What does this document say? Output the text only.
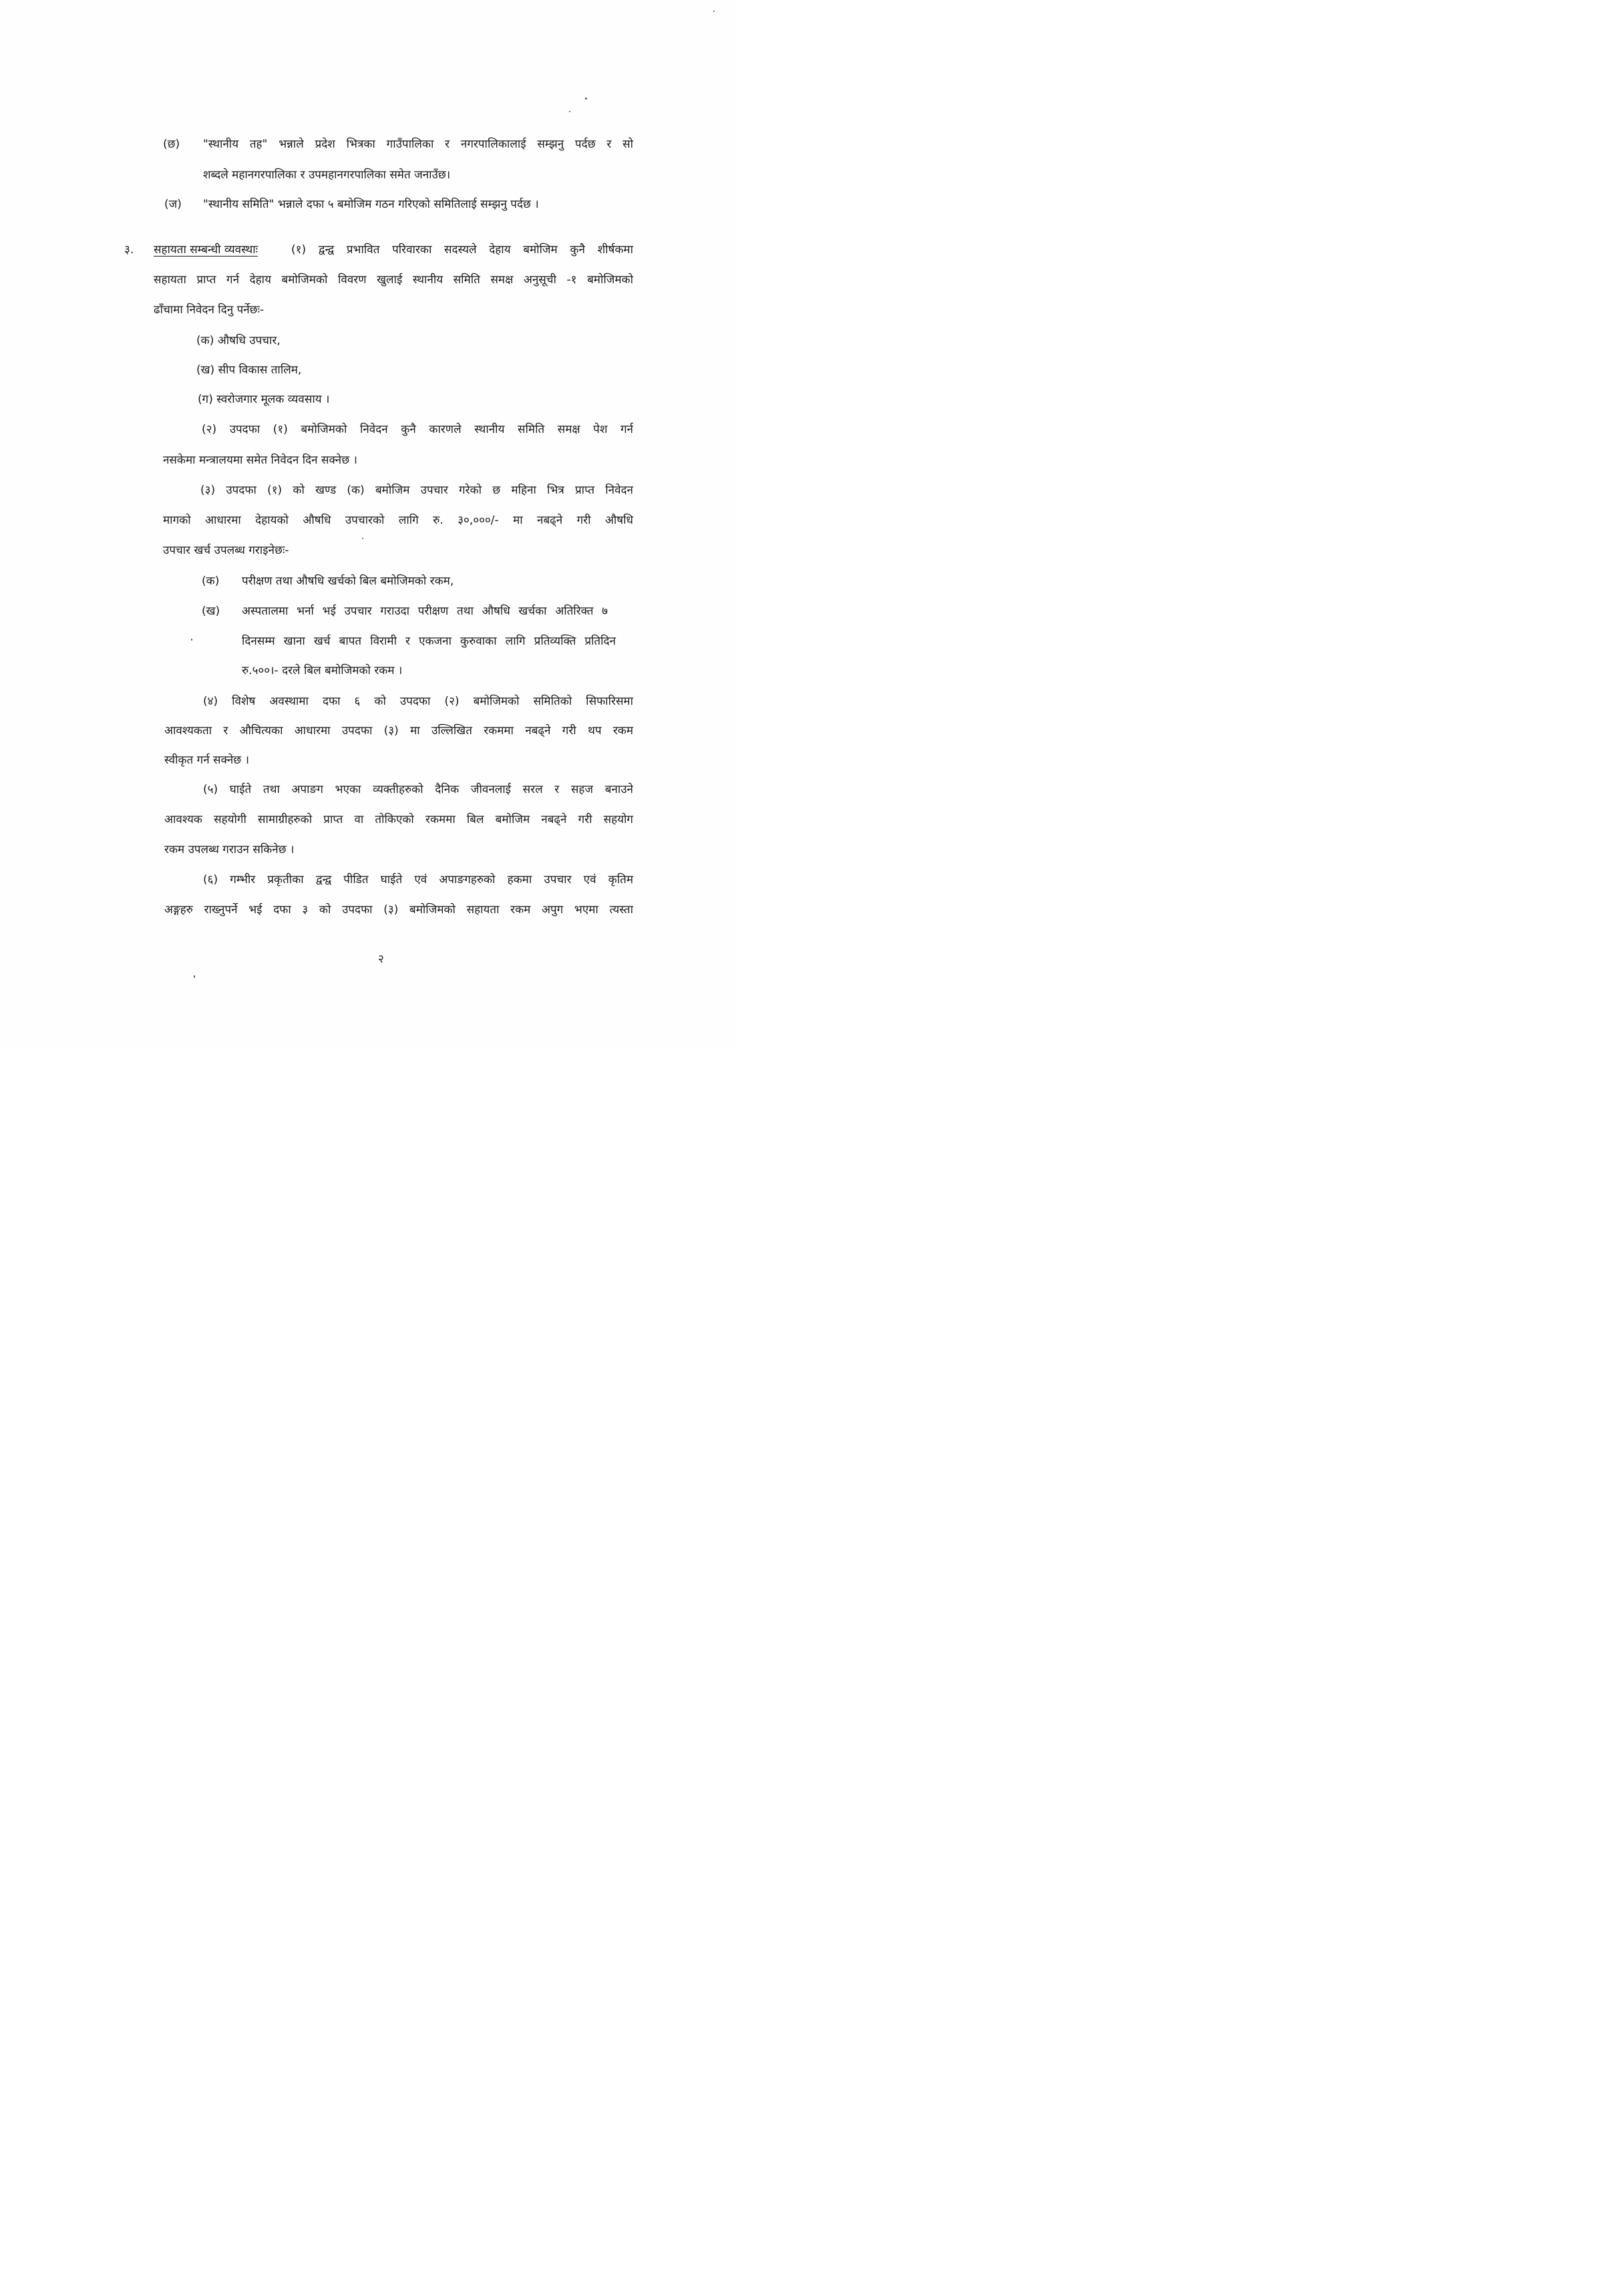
(छ) "स्थानीय तह" भन्नाले प्रदेश भित्रका गाउँपालिका र नगरपालिकालाई सम्झनु पर्दछ र सो
शब्दले महानगरपालिका र उपमहानगरपालिका समेत जनाउँछ।
(ज) "स्थानीय समिति" भन्नाले दफा ५ बमोजिम गठन गरिएको समितिलाई सम्झनु पर्दछ ।
३. सहायता सम्बन्धी व्यवस्थाः	(१) द्वन्द्व प्रभावित परिवारका सदस्यले देहाय बमोजिम कुनै शीर्षकमा
सहायता प्राप्त गर्न देहाय बमोजिमको विवरण खुलाई स्थानीय समिति समक्ष अनुसूची -१ बमोजिमको
ढाँचामा निवेदन दिनु पर्नेछः-
(क) औषधि उपचार,
(ख) सीप विकास तालिम,
(ग) स्वरोजगार मूलक व्यवसाय ।
(२) उपदफा (१) बमोजिमको निवेदन कुनै कारणले स्थानीय समिति समक्ष पेश गर्न
नसकेमा मन्त्रालयमा समेत निवेदन दिन सक्नेछ ।
(३) उपदफा (१) को खण्ड (क) बमोजिम उपचार गरेको छ महिना भित्र प्राप्त निवेदन
मागको आधारमा देहायको औषधि उपचारको लागि रु. ३०,०००/- मा नबढ्ने गरी औषधि
उपचार खर्च उपलब्ध गराइनेछः-
(क) परीक्षण तथा औषधि खर्चको बिल बमोजिमको रकम,
(ख) अस्पतालमा भर्ना भई उपचार गराउदा परीक्षण तथा औषधि खर्चका अतिरिक्त ७
दिनसम्म खाना खर्च बापत विरामी र एकजना कुरुवाका लागि प्रतिव्यक्ति प्रतिदिन
रु.५००।- दरले बिल बमोजिमको रकम ।
(४) विशेष अवस्थामा दफा ६ को उपदफा (२) बमोजिमको समितिको सिफारिसमा
आवश्यकता र औचित्यका आधारमा उपदफा (३) मा उल्लिखित रकममा नबढ्ने गरी थप रकम
स्वीकृत गर्न सक्नेछ ।
(५) घाईते तथा अपाङग भएका व्यक्तीहरुको दैनिक जीवनलाई सरल र सहज बनाउने
आवश्यक सहयोगी सामाग्रीहरुको प्राप्त वा तोकिएको रकममा बिल बमोजिम नबढ्ने गरी सहयोग
रकम उपलब्ध गराउन सकिनेछ ।
(६) गम्भीर प्रकृतीका द्वन्द्व पीडित घाईते एवं अपाङगहरुको हकमा उपचार एवं कृतिम
अङ्गहरु राख्नुपर्ने भई दफा ३ को उपदफा (३) बमोजिमको सहायता रकम अपुग भएमा त्यस्ता
२
